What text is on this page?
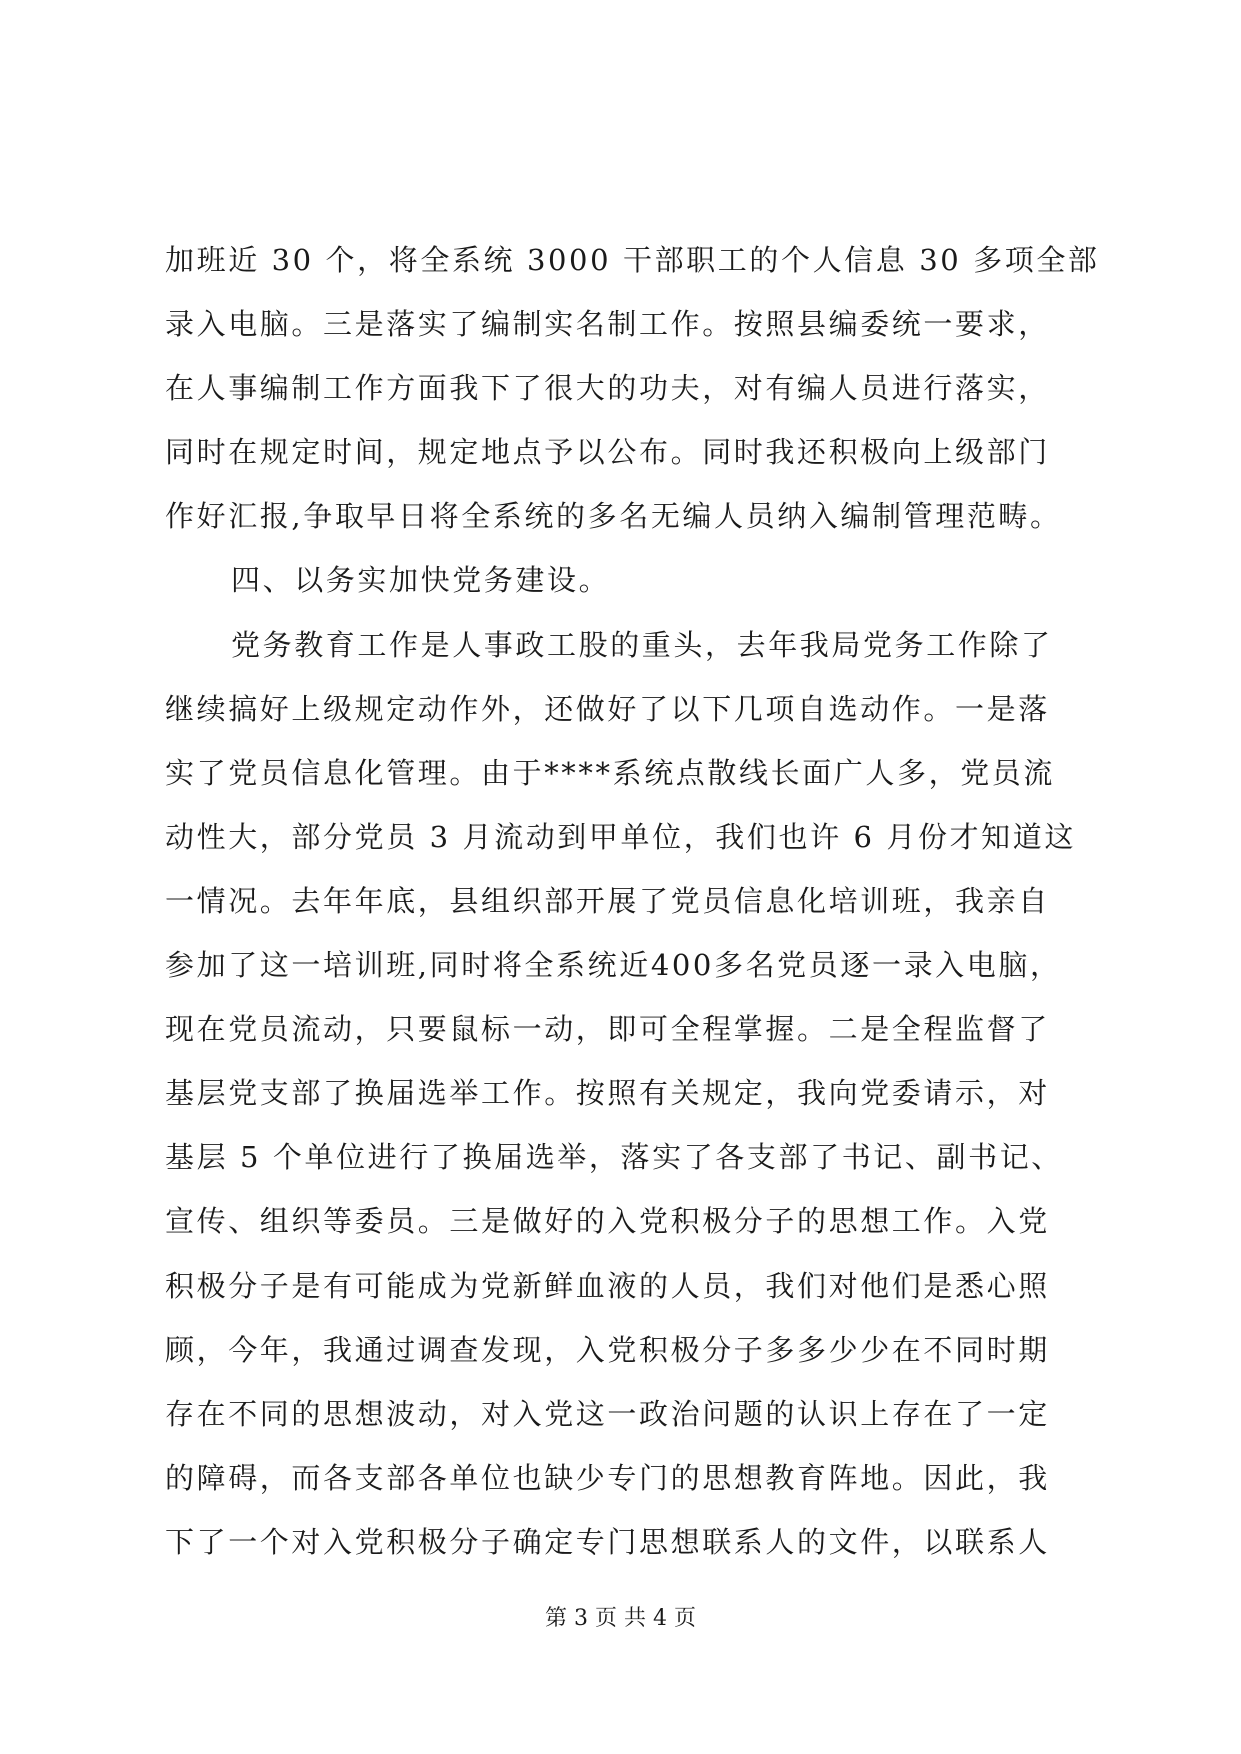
加班近 30 个，将全系统 3000 干部职工的个人信息 30 多项全部
录入电脑。三是落实了编制实名制工作。按照县编委统一要求，
在人事编制工作方面我下了很大的功夫，对有编人员进行落实，
同时在规定时间，规定地点予以公布。同时我还积极向上级部门
作好汇报,争取早日将全系统的多名无编人员纳入编制管理范畴。
四、以务实加快党务建设。
党务教育工作是人事政工股的重头，去年我局党务工作除了
继续搞好上级规定动作外，还做好了以下几项自选动作。一是落
实了党员信息化管理。由于****系统点散线长面广人多，党员流
动性大，部分党员 3 月流动到甲单位，我们也许 6 月份才知道这
一情况。去年年底，县组织部开展了党员信息化培训班，我亲自
参加了这一培训班,同时将全系统近400多名党员逐一录入电脑，
现在党员流动，只要鼠标一动，即可全程掌握。二是全程监督了
基层党支部了换届选举工作。按照有关规定，我向党委请示，对
基层 5 个单位进行了换届选举，落实了各支部了书记、副书记、
宣传、组织等委员。三是做好的入党积极分子的思想工作。入党
积极分子是有可能成为党新鲜血液的人员，我们对他们是悉心照
顾，今年，我通过调查发现，入党积极分子多多少少在不同时期
存在不同的思想波动，对入党这一政治问题的认识上存在了一定
的障碍，而各支部各单位也缺少专门的思想教育阵地。因此，我
下了一个对入党积极分子确定专门思想联系人的文件，以联系人
第 3 页 共 4 页
